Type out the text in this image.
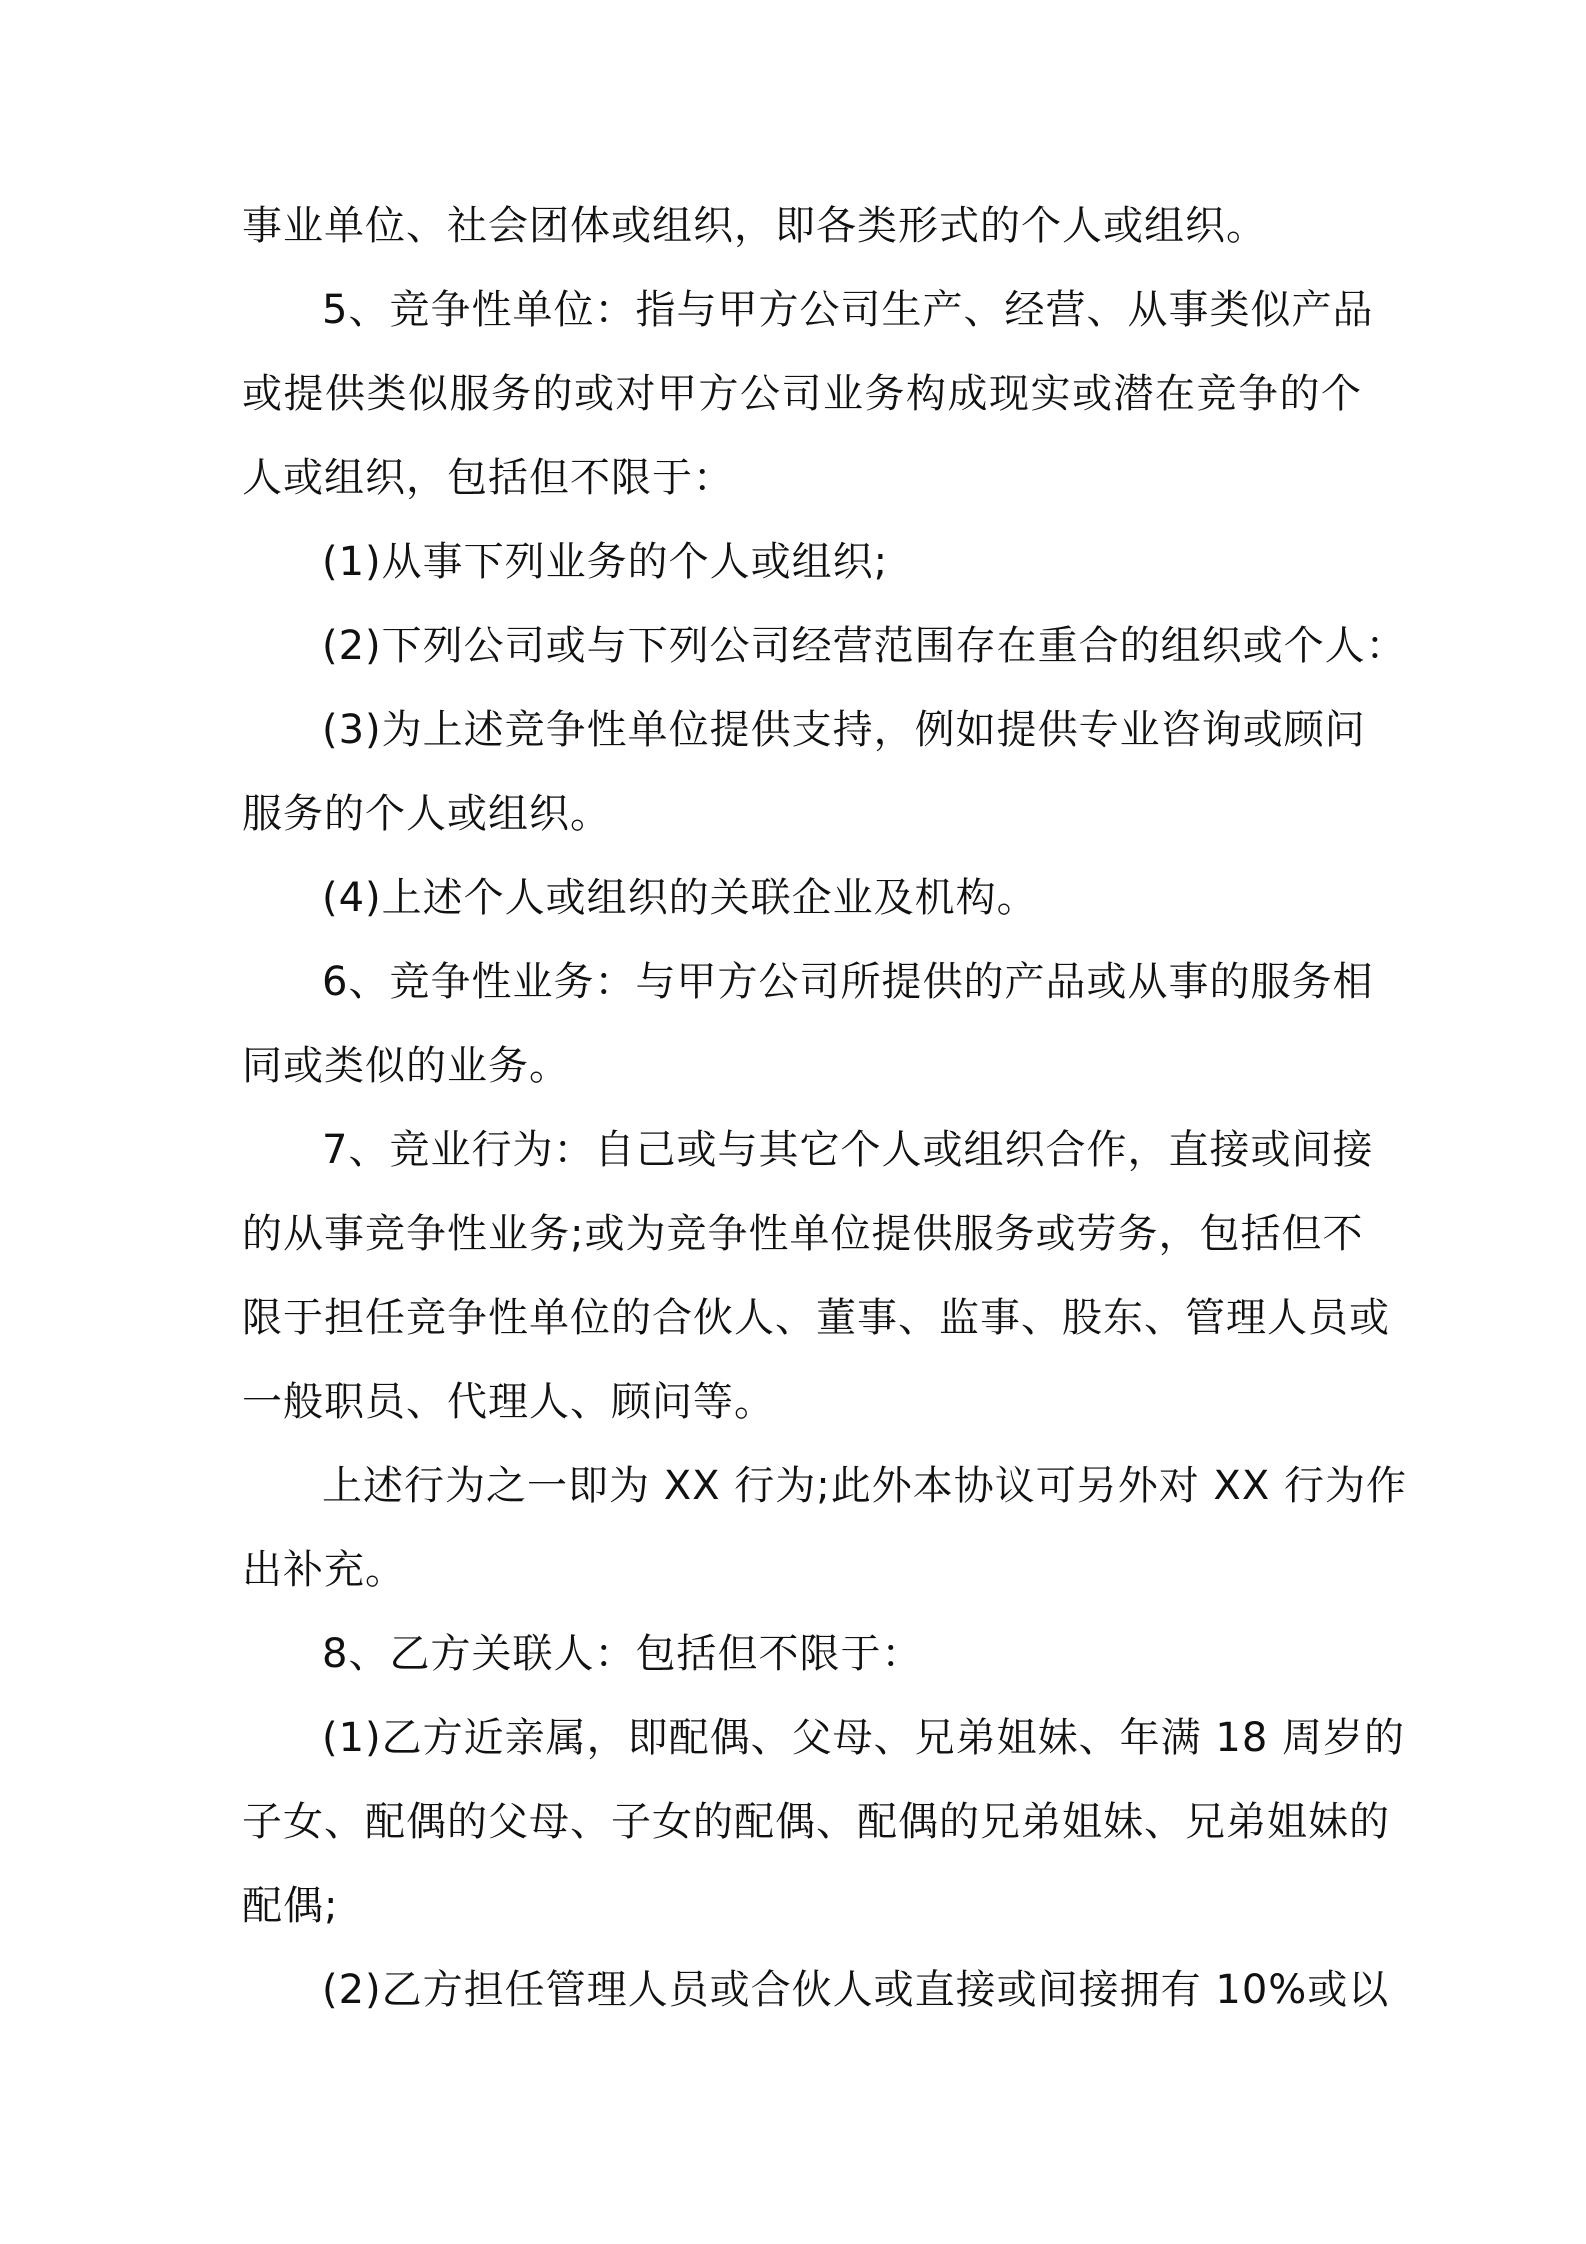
事业单位、社会团体或组织，即各类形式的个人或组织。
5、竞争性单位：指与甲方公司生产、经营、从事类似产品
或提供类似服务的或对甲方公司业务构成现实或潜在竞争的个
人或组织，包括但不限于：
(1)从事下列业务的个人或组织;
(2)下列公司或与下列公司经营范围存在重合的组织或个人：
(3)为上述竞争性单位提供支持，例如提供专业咨询或顾问
服务的个人或组织。
(4)上述个人或组织的关联企业及机构。
6、竞争性业务：与甲方公司所提供的产品或从事的服务相
同或类似的业务。
7、竞业行为：自己或与其它个人或组织合作，直接或间接
的从事竞争性业务;或为竞争性单位提供服务或劳务，包括但不
限于担任竞争性单位的合伙人、董事、监事、股东、管理人员或
一般职员、代理人、顾问等。
上述行为之一即为 XX 行为;此外本协议可另外对 XX 行为作
出补充。
8、乙方关联人：包括但不限于：
(1)乙方近亲属，即配偶、父母、兄弟姐妹、年满 18 周岁的
子女、配偶的父母、子女的配偶、配偶的兄弟姐妹、兄弟姐妹的
配偶;
(2)乙方担任管理人员或合伙人或直接或间接拥有 10%或以
